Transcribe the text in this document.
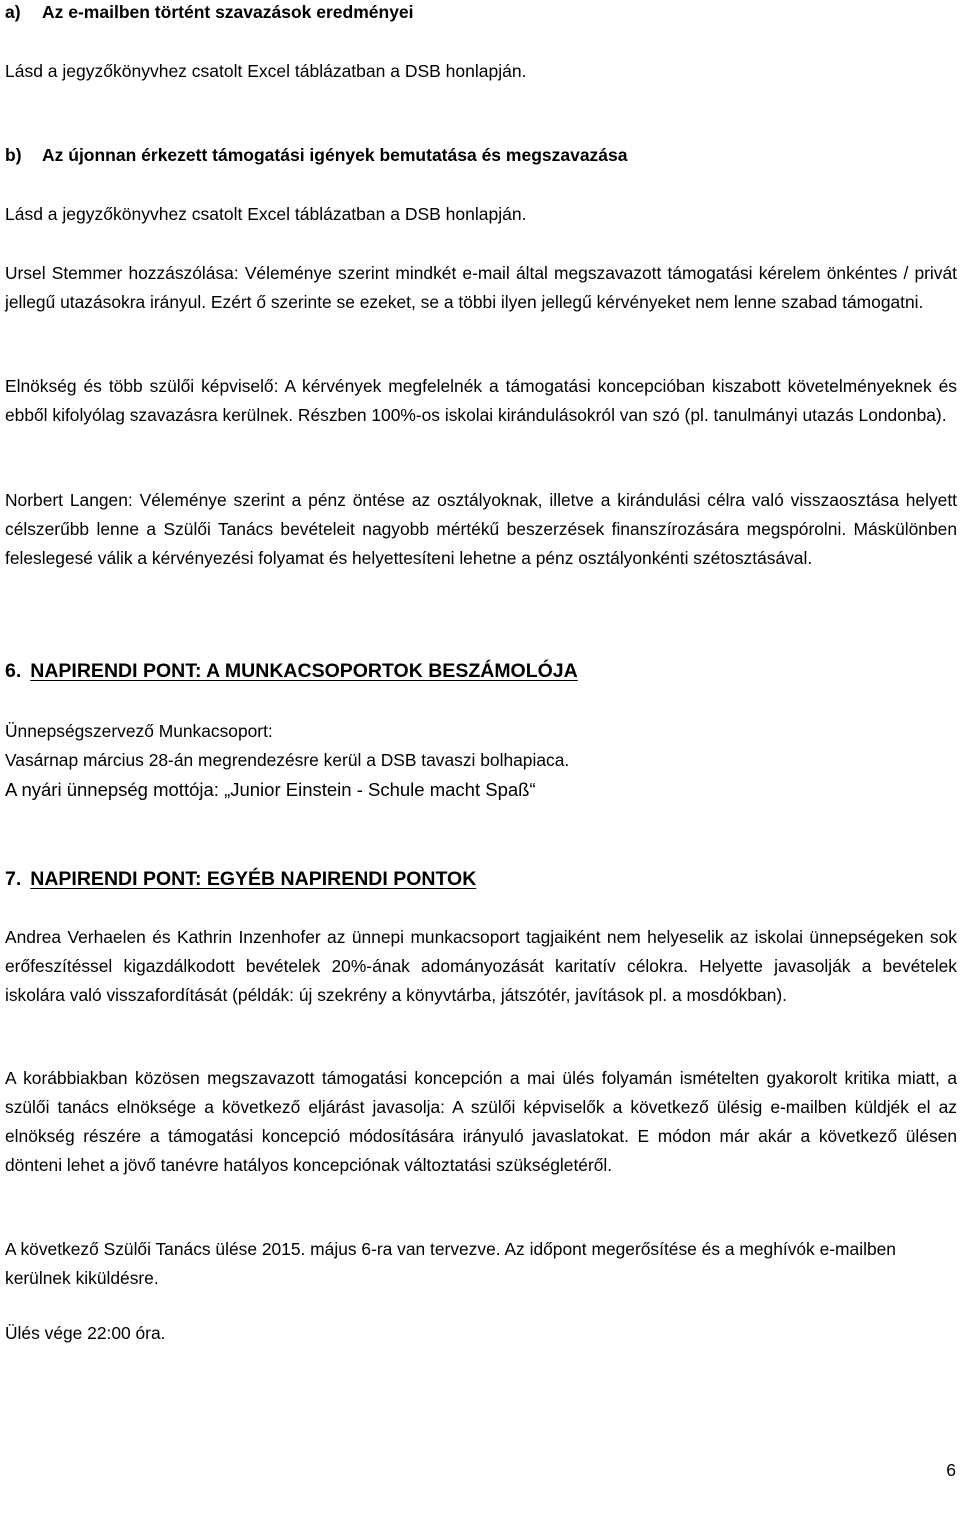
a) Az e-mailben történt szavazások eredményei

Lásd a jegyzőkönyvhez csatolt Excel táblázatban a DSB honlapján.

b) Az újonnan érkezett támogatási igények bemutatása és megszavazása

Lásd a jegyzőkönyvhez csatolt Excel táblázatban a DSB honlapján.

Ursel Stemmer hozzászólása: Véleménye szerint mindkét e-mail által megszavazott támogatási kérelem önkéntes / privát jellegű utazásokra irányul. Ezért ő szerinte se ezeket, se a többi ilyen jellegű kérvényeket nem lenne szabad támogatni.

Elnökség és több szülői képviselő: A kérvények megfelelnék a támogatási koncepcióban kiszabott követelményeknek és ebből kifolyólag szavazásra kerülnek. Részben 100%-os iskolai kirándulásokról van szó (pl. tanulmányi utazás Londonba).

Norbert Langen: Véleménye szerint a pénz öntése az osztályoknak, illetve a kirándulási célra való visszaosztása helyett célszerűbb lenne a Szülői Tanács bevételeit nagyobb mértékű beszerzések finanszírozására megspórolni. Máskülönben feleslegesé válik a kérvényezési folyamat és helyettesíteni lehetne a pénz osztályonkénti szétosztásával.

6. NAPIRENDI PONT: A MUNKACSOPORTOK BESZÁMOLÓJA

Ünnepségszervező Munkacsoport:

Vasárnap március 28-án megrendezésre kerül a DSB tavaszi bolhapiaca.

A nyári ünnepség mottója: „Junior Einstein - Schule macht Spaß“

7. NAPIRENDI PONT: EGYÉB NAPIRENDI PONTOK

Andrea Verhaelen és Kathrin Inzenhofer az ünnepi munkacsoport tagjaiként nem helyeselik az iskolai ünnepségeken sok erőfeszítéssel kigazdálkodott bevételek 20%-ának adományozását karitatív célokra. Helyette javasolják a bevételek iskolára való visszafordítását (példák: új szekrény a könyvtárba, játszótér, javítások pl. a mosdókban).

A korábbiakban közösen megszavazott támogatási koncepción a mai ülés folyamán ismételten gyakorolt kritika miatt, a szülői tanács elnöksége a következő eljárást javasolja: A szülői képviselők a következő ülésig e-mailben küldjék el az elnökség részére a támogatási koncepció módosítására irányuló javaslatokat. E módon már akár a következő ülésen dönteni lehet a jövő tanévre hatályos koncepciónak változtatási szükségletéről.

A következő Szülői Tanács ülése 2015. május 6-ra van tervezve. Az időpont megerősítése és a meghívók e-mailben kerülnek kiküldésre.

Ülés vége 22:00 óra.

6
